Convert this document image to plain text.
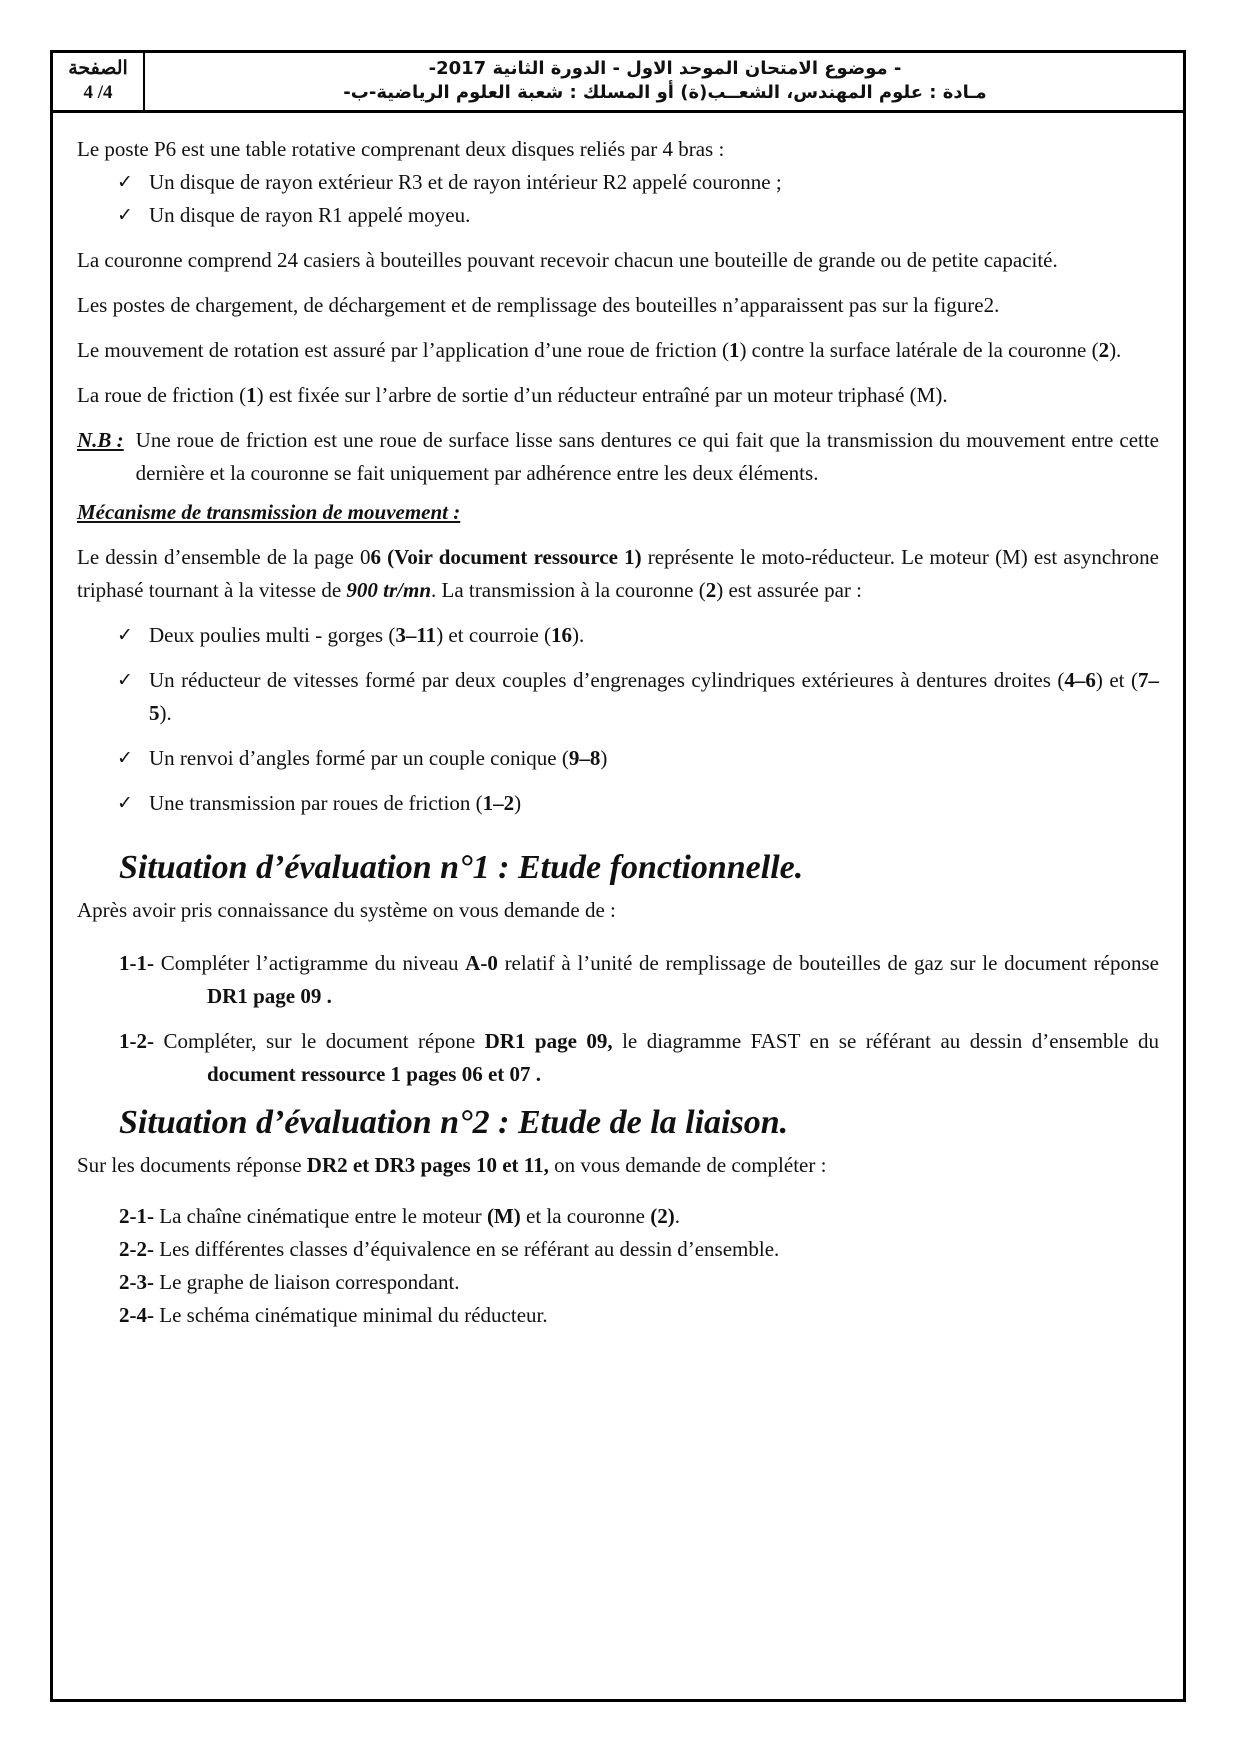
الصفحة
4 /4
- موضوع الامتحان الموحد الاول - الدورة الثانية 2017-
مـادة : علوم المهندس، الشعــب(ة) أو المسلك : شعبة العلوم الرياضية-ب-

Le poste P6 est une table rotative comprenant deux disques reliés par 4 bras :

✓ Un disque de rayon extérieur R3 et de rayon intérieur R2 appelé couronne ;
✓ Un disque de rayon R1 appelé moyeu.

La couronne comprend 24 casiers à bouteilles pouvant recevoir chacun une bouteille de grande ou de petite capacité.

Les postes de chargement, de déchargement et de remplissage des bouteilles n’apparaissent pas sur la figure2.

Le mouvement de rotation est assuré par l’application d’une roue de friction (1) contre la surface latérale de la couronne (2).

La roue de friction (1) est fixée sur l’arbre de sortie d’un réducteur entraîné par un moteur triphasé (M).

N.B : Une roue de friction est une roue de surface lisse sans dentures ce qui fait que la transmission du mouvement entre cette dernière et la couronne se fait uniquement par adhérence entre les deux éléments.

Mécanisme de transmission de mouvement :

Le dessin d’ensemble de la page 06 (Voir document ressource 1) représente le moto-réducteur. Le moteur (M) est asynchrone triphasé tournant à la vitesse de 900 tr/mn. La transmission à la couronne (2) est assurée par :

✓ Deux poulies multi - gorges (3–11) et courroie (16).
✓ Un réducteur de vitesses formé par deux couples d’engrenages cylindriques extérieures à dentures droites (4–6) et (7–5).
✓ Un renvoi d’angles formé par un couple conique (9–8)
✓ Une transmission par roues de friction (1–2)
Situation d’évaluation n°1 : Etude fonctionnelle.

Après avoir pris connaissance du système on vous demande de :

1-1- Compléter l’actigramme du niveau A-0 relatif à l’unité de remplissage de bouteilles de gaz sur le document réponse DR1 page 09 .

1-2- Compléter, sur le document répone DR1 page 09, le diagramme FAST en se référant au dessin d’ensemble du document ressource 1 pages 06 et 07 .

Situation d’évaluation n°2 : Etude de la liaison.

Sur les documents réponse DR2 et DR3 pages 10 et 11, on vous demande de compléter :

2-1- La chaîne cinématique entre le moteur (M) et la couronne (2).
2-2- Les différentes classes d’équivalence en se référant au dessin d’ensemble.
2-3- Le graphe de liaison correspondant.
2-4- Le schéma cinématique minimal du réducteur.
